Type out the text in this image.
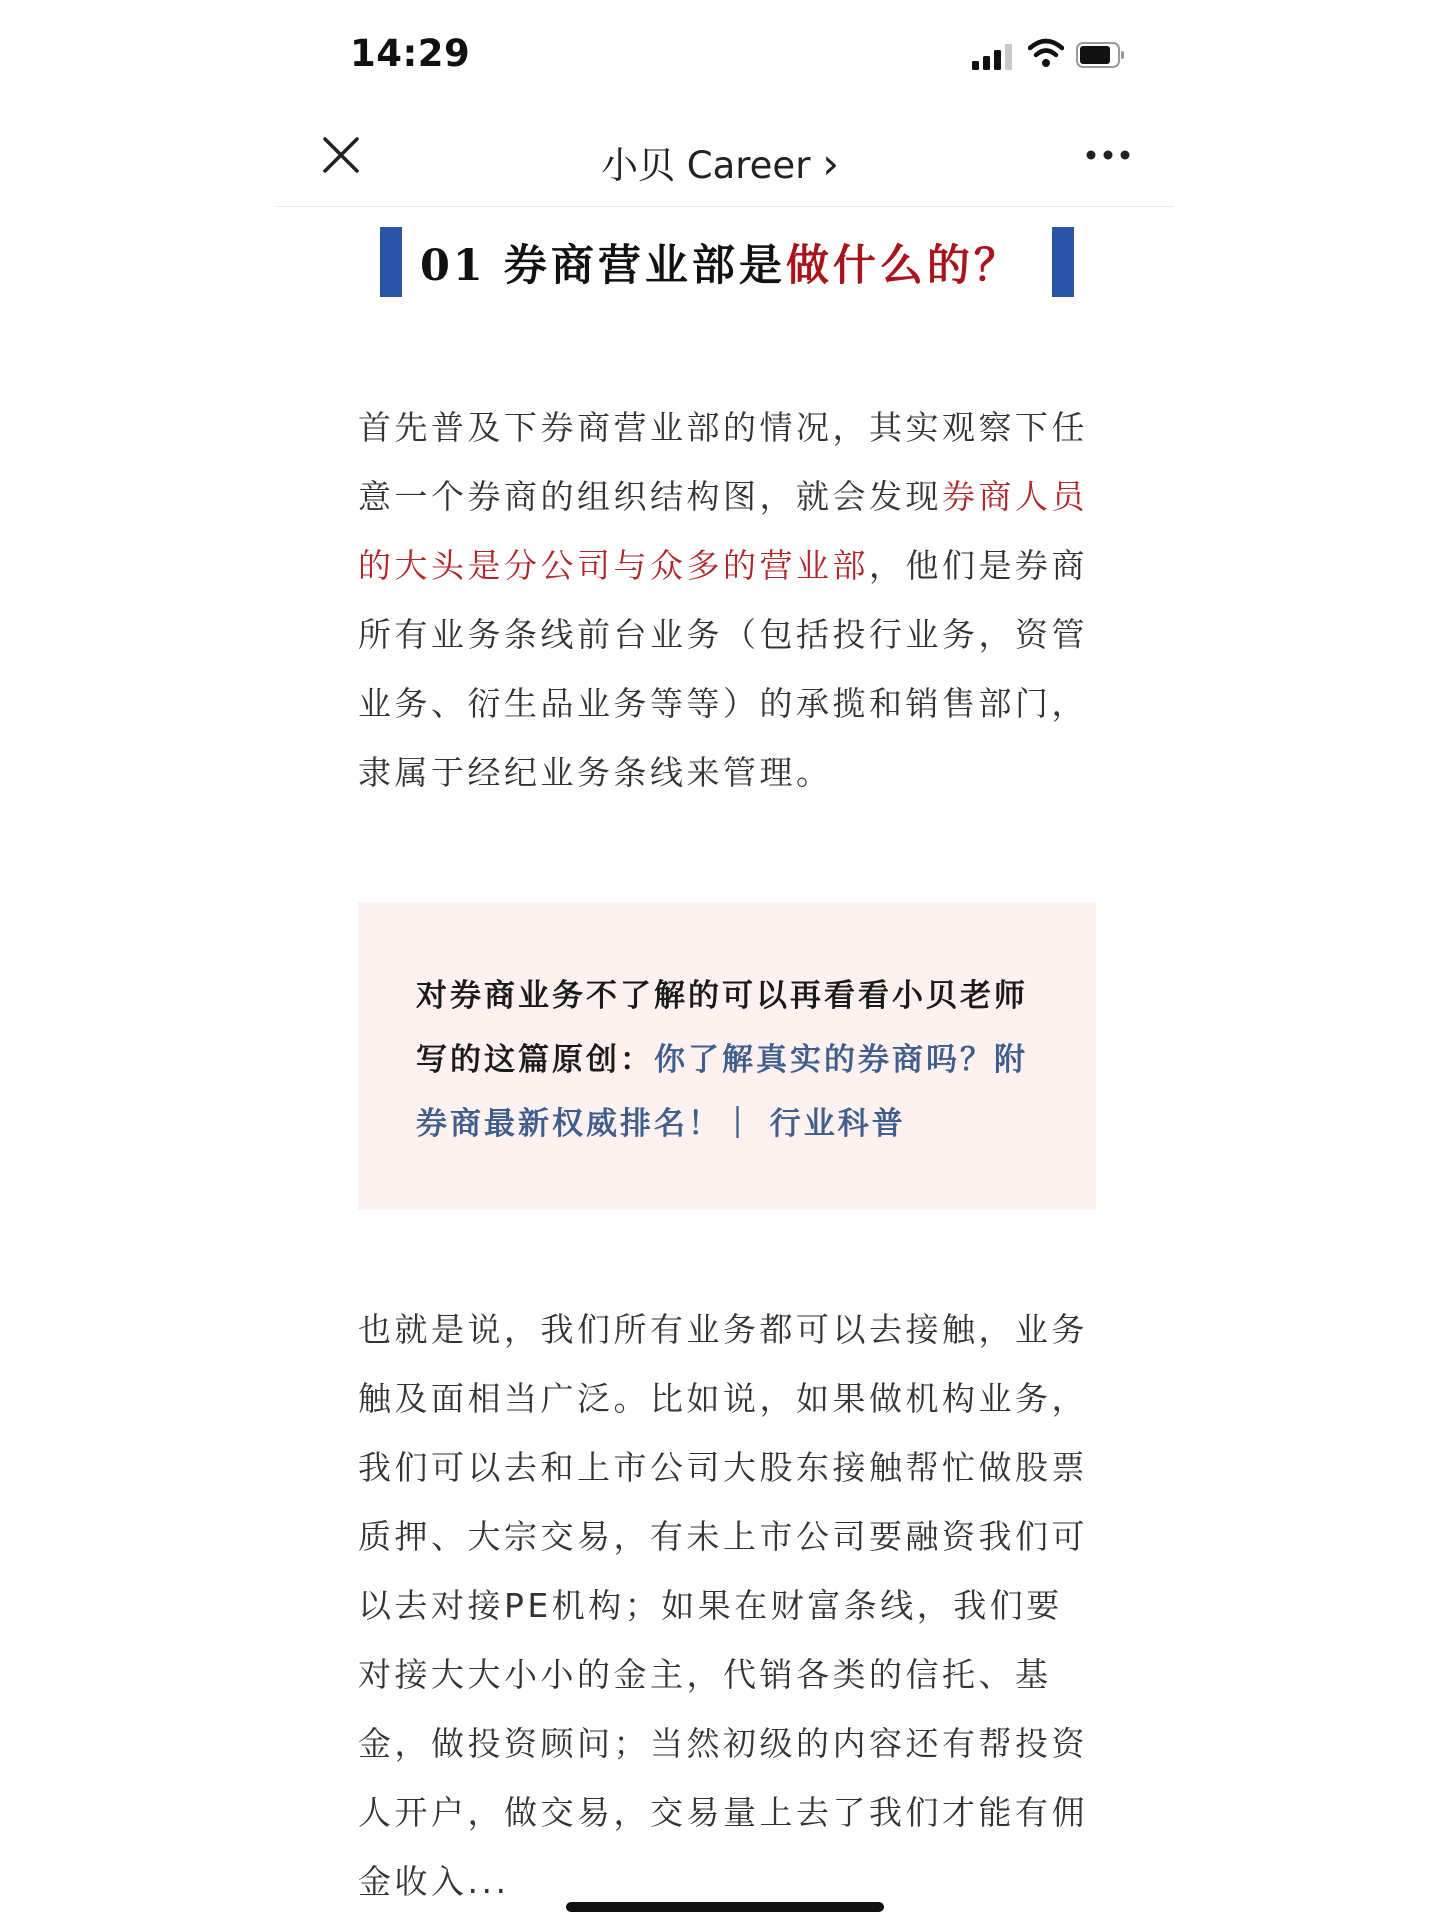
14:29
小贝 Career ›
01 券商营业部是做什么的？
首先普及下券商营业部的情况，其实观察下任
意一个券商的组织结构图，就会发现券商人员
的大头是分公司与众多的营业部，他们是券商
所有业务条线前台业务（包括投行业务，资管
业务、衍生品业务等等）的承揽和销售部门，
隶属于经纪业务条线来管理。
对券商业务不了解的可以再看看小贝老师
写的这篇原创：你了解真实的券商吗？附
券商最新权威排名！｜ 行业科普
也就是说，我们所有业务都可以去接触，业务
触及面相当广泛。比如说，如果做机构业务，
我们可以去和上市公司大股东接触帮忙做股票
质押、大宗交易，有未上市公司要融资我们可
以去对接PE机构；如果在财富条线，我们要
对接大大小小的金主，代销各类的信托、基
金，做投资顾问；当然初级的内容还有帮投资
人开户，做交易，交易量上去了我们才能有佣
金收入...
